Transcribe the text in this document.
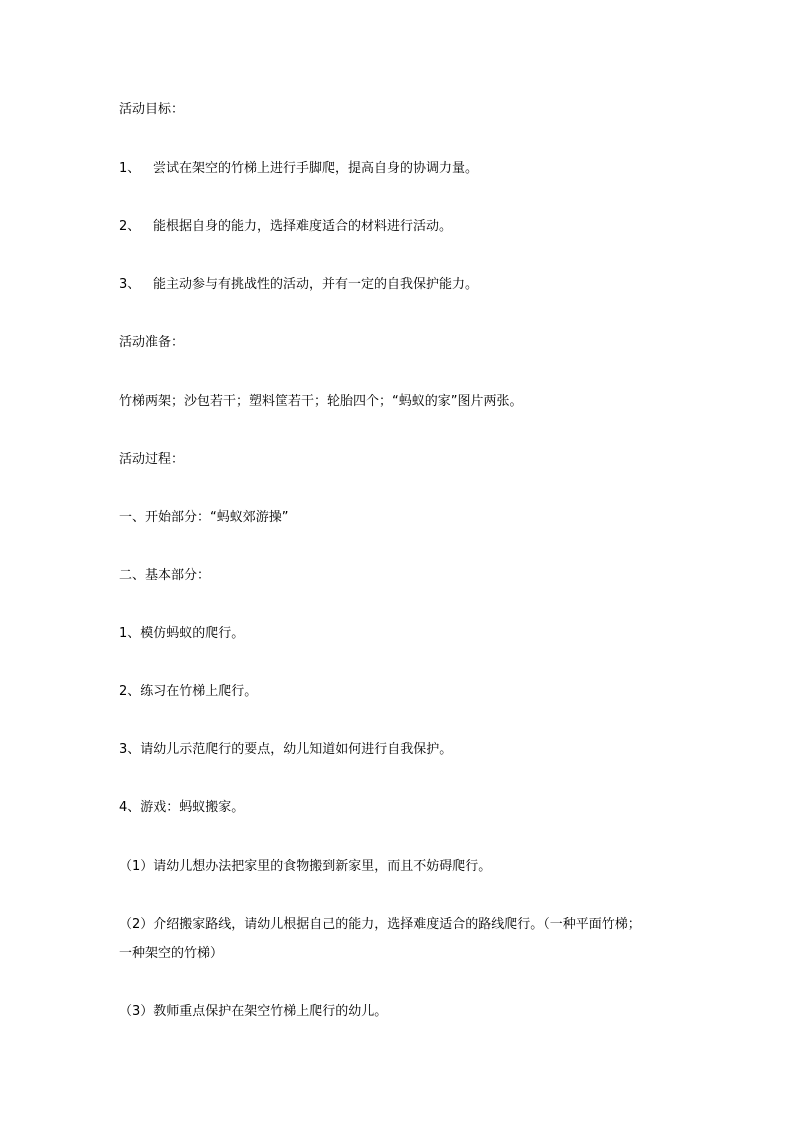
活动目标：
1、 尝试在架空的竹梯上进行手脚爬，提高自身的协调力量。
2、 能根据自身的能力，选择难度适合的材料进行活动。
3、 能主动参与有挑战性的活动，并有一定的自我保护能力。
活动准备：
竹梯两架；沙包若干；塑料筐若干；轮胎四个；“蚂蚁的家”图片两张。
活动过程：
一、开始部分：“蚂蚁郊游操”
二、基本部分：
1、模仿蚂蚁的爬行。
2、练习在竹梯上爬行。
3、请幼儿示范爬行的要点，幼儿知道如何进行自我保护。
4、游戏：蚂蚁搬家。
（1）请幼儿想办法把家里的食物搬到新家里，而且不妨碍爬行。
（2）介绍搬家路线，请幼儿根据自己的能力，选择难度适合的路线爬行。（一种平面竹梯；
一种架空的竹梯）
（3）教师重点保护在架空竹梯上爬行的幼儿。
